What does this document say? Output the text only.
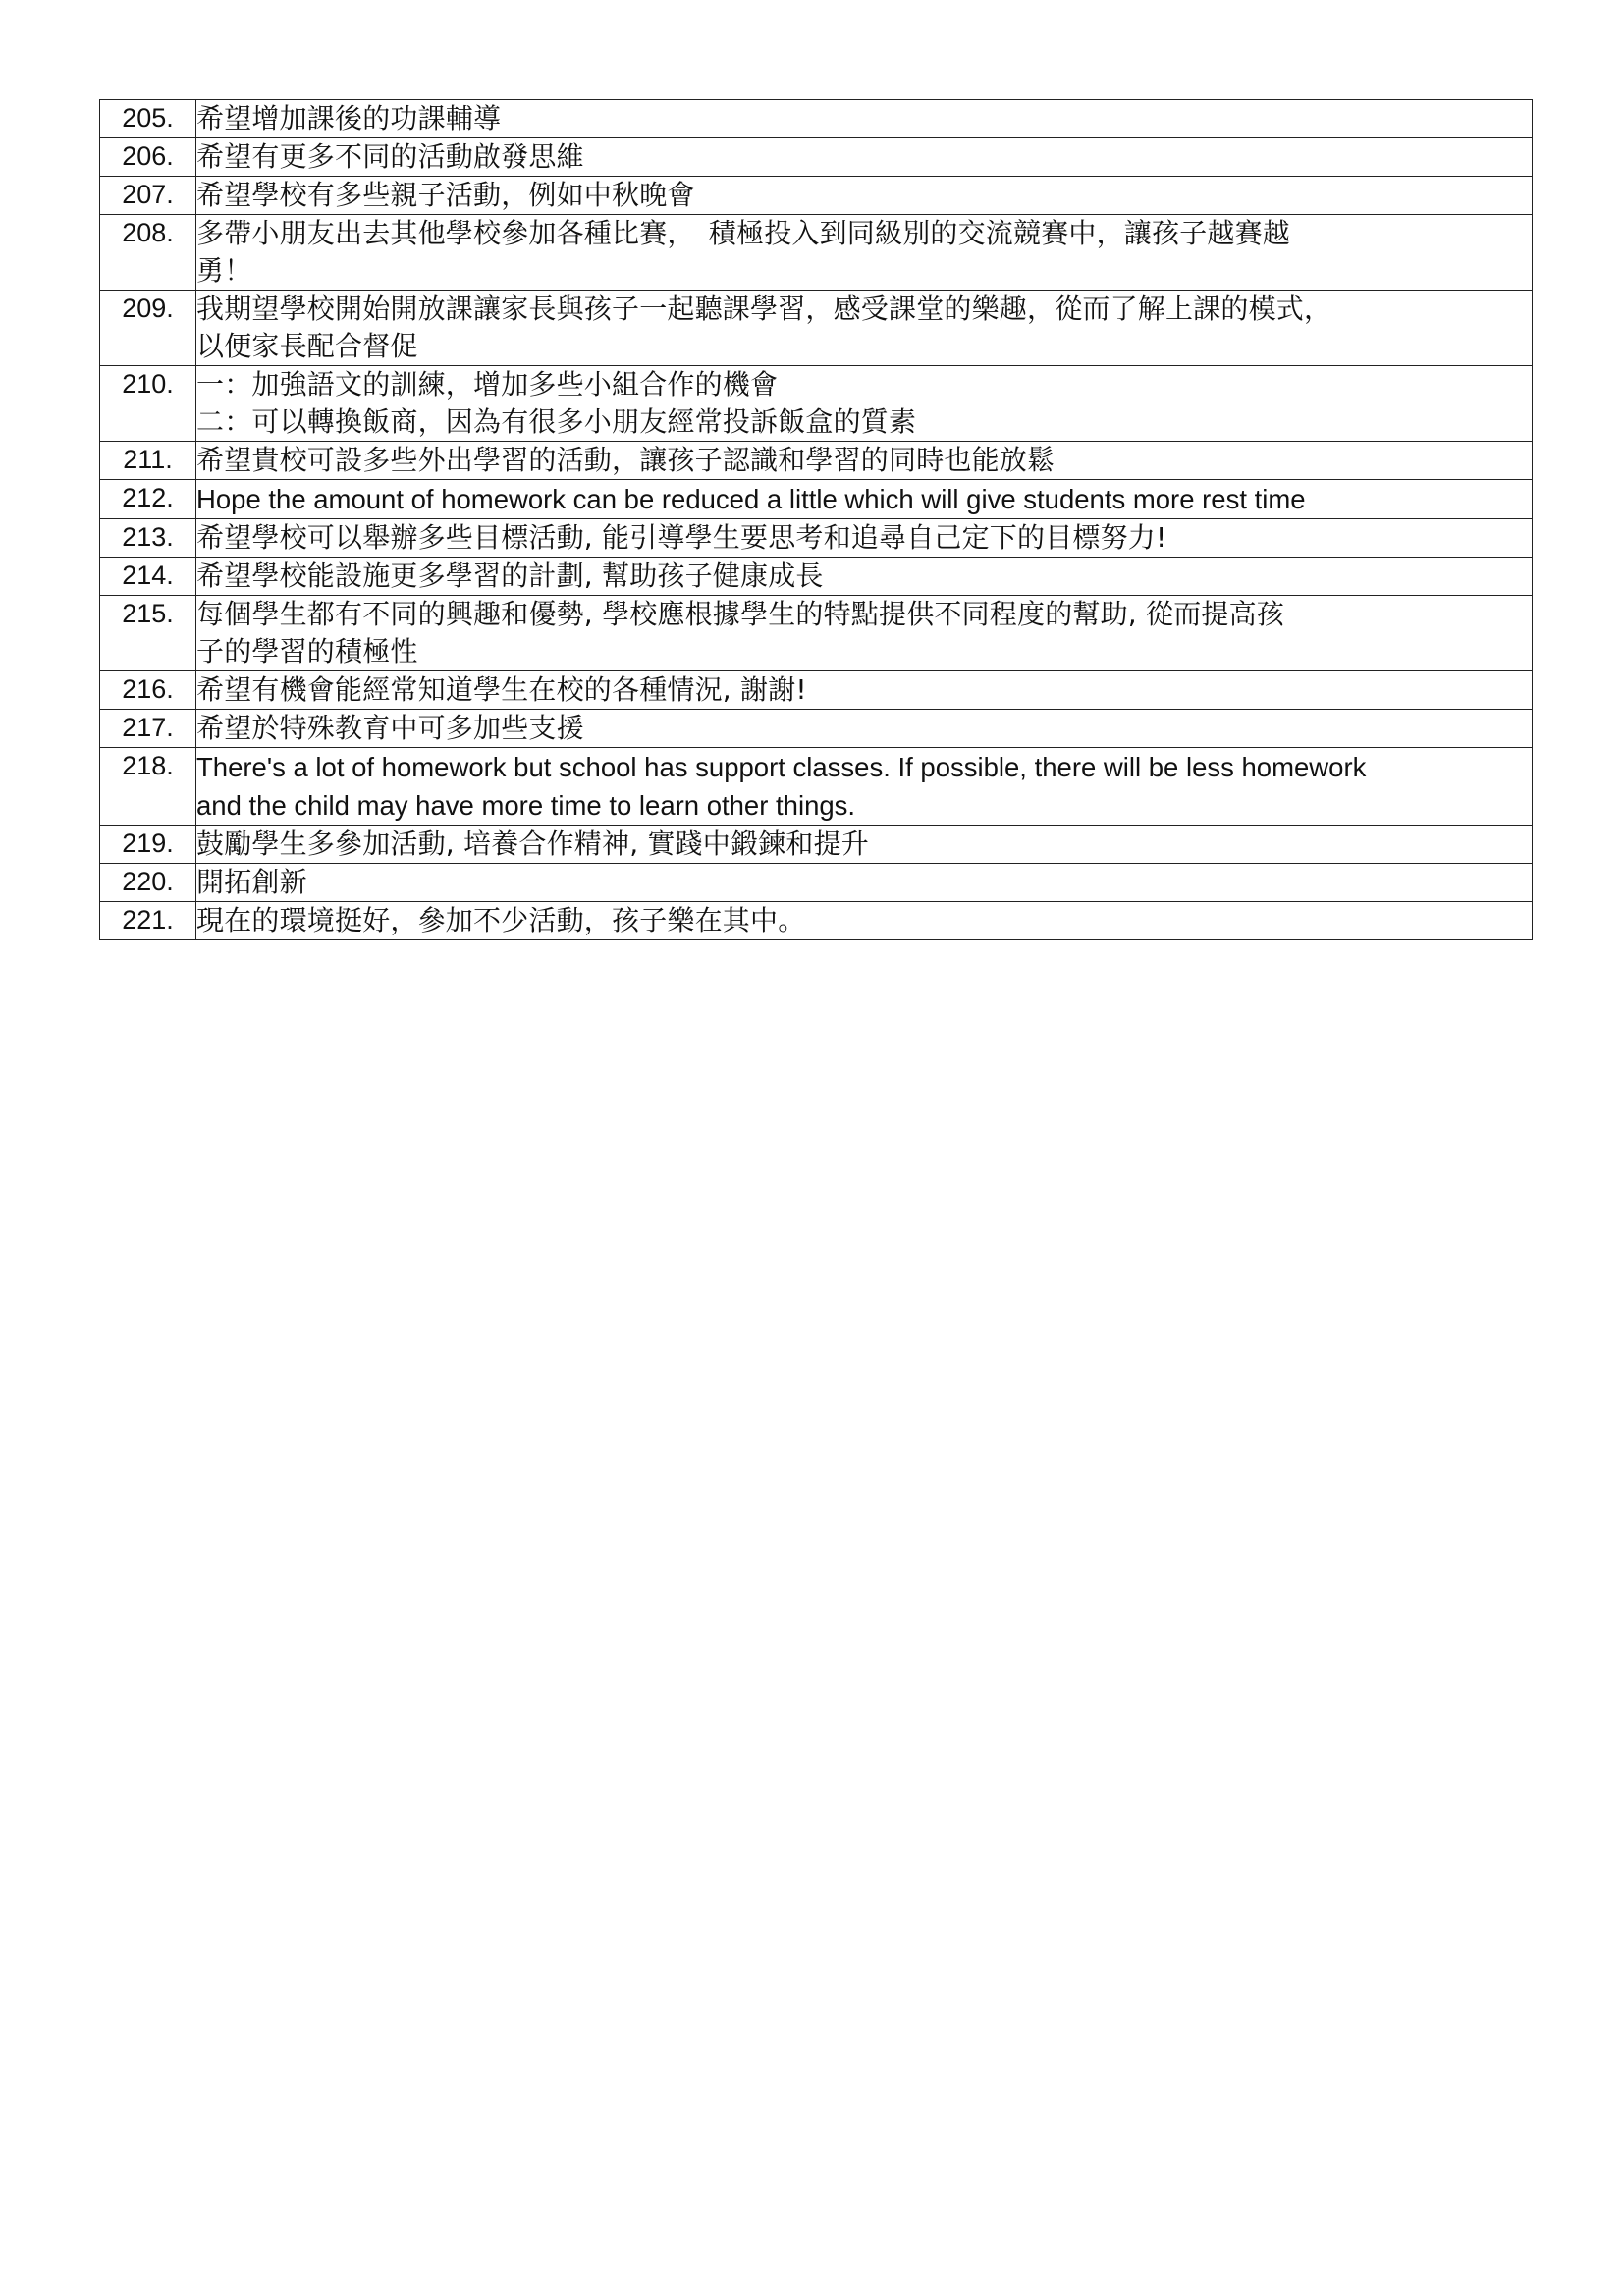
205.	希望增加課後的功課輔導

206.	希望有更多不同的活動啟發思維

207.	希望學校有多些親子活動，例如中秋晚會

208.	多帶小朋友出去其他學校參加各種比賽，　積極投入到同級別的交流競賽中，讓孩子越賽越
勇！

209.	我期望學校開始開放課讓家長與孩子一起聽課學習，感受課堂的樂趣，從而了解上課的模式，
以便家長配合督促

210.	一：加強語文的訓練，增加多些小組合作的機會
二：可以轉換飯商，因為有很多小朋友經常投訴飯盒的質素

211.	希望貴校可設多些外出學習的活動，讓孩子認識和學習的同時也能放鬆

212.	Hope the amount of homework can be reduced a little which will give students more rest time

213.	希望學校可以舉辦多些目標活動, 能引導學生要思考和追尋自己定下的目標努力!

214.	希望學校能設施更多學習的計劃, 幫助孩子健康成長

215.	每個學生都有不同的興趣和優勢, 學校應根據學生的特點提供不同程度的幫助, 從而提高孩
子的學習的積極性

216.	希望有機會能經常知道學生在校的各種情況, 謝謝!

217.	希望於特殊教育中可多加些支援

218.	There's a lot of homework but school has support classes. If possible, there will be less homework
and the child may have more time to learn other things.

219.	鼓勵學生多參加活動, 培養合作精神, 實踐中鍛鍊和提升

220.	開拓創新

221.	現在的環境挺好，參加不少活動，孩子樂在其中。
